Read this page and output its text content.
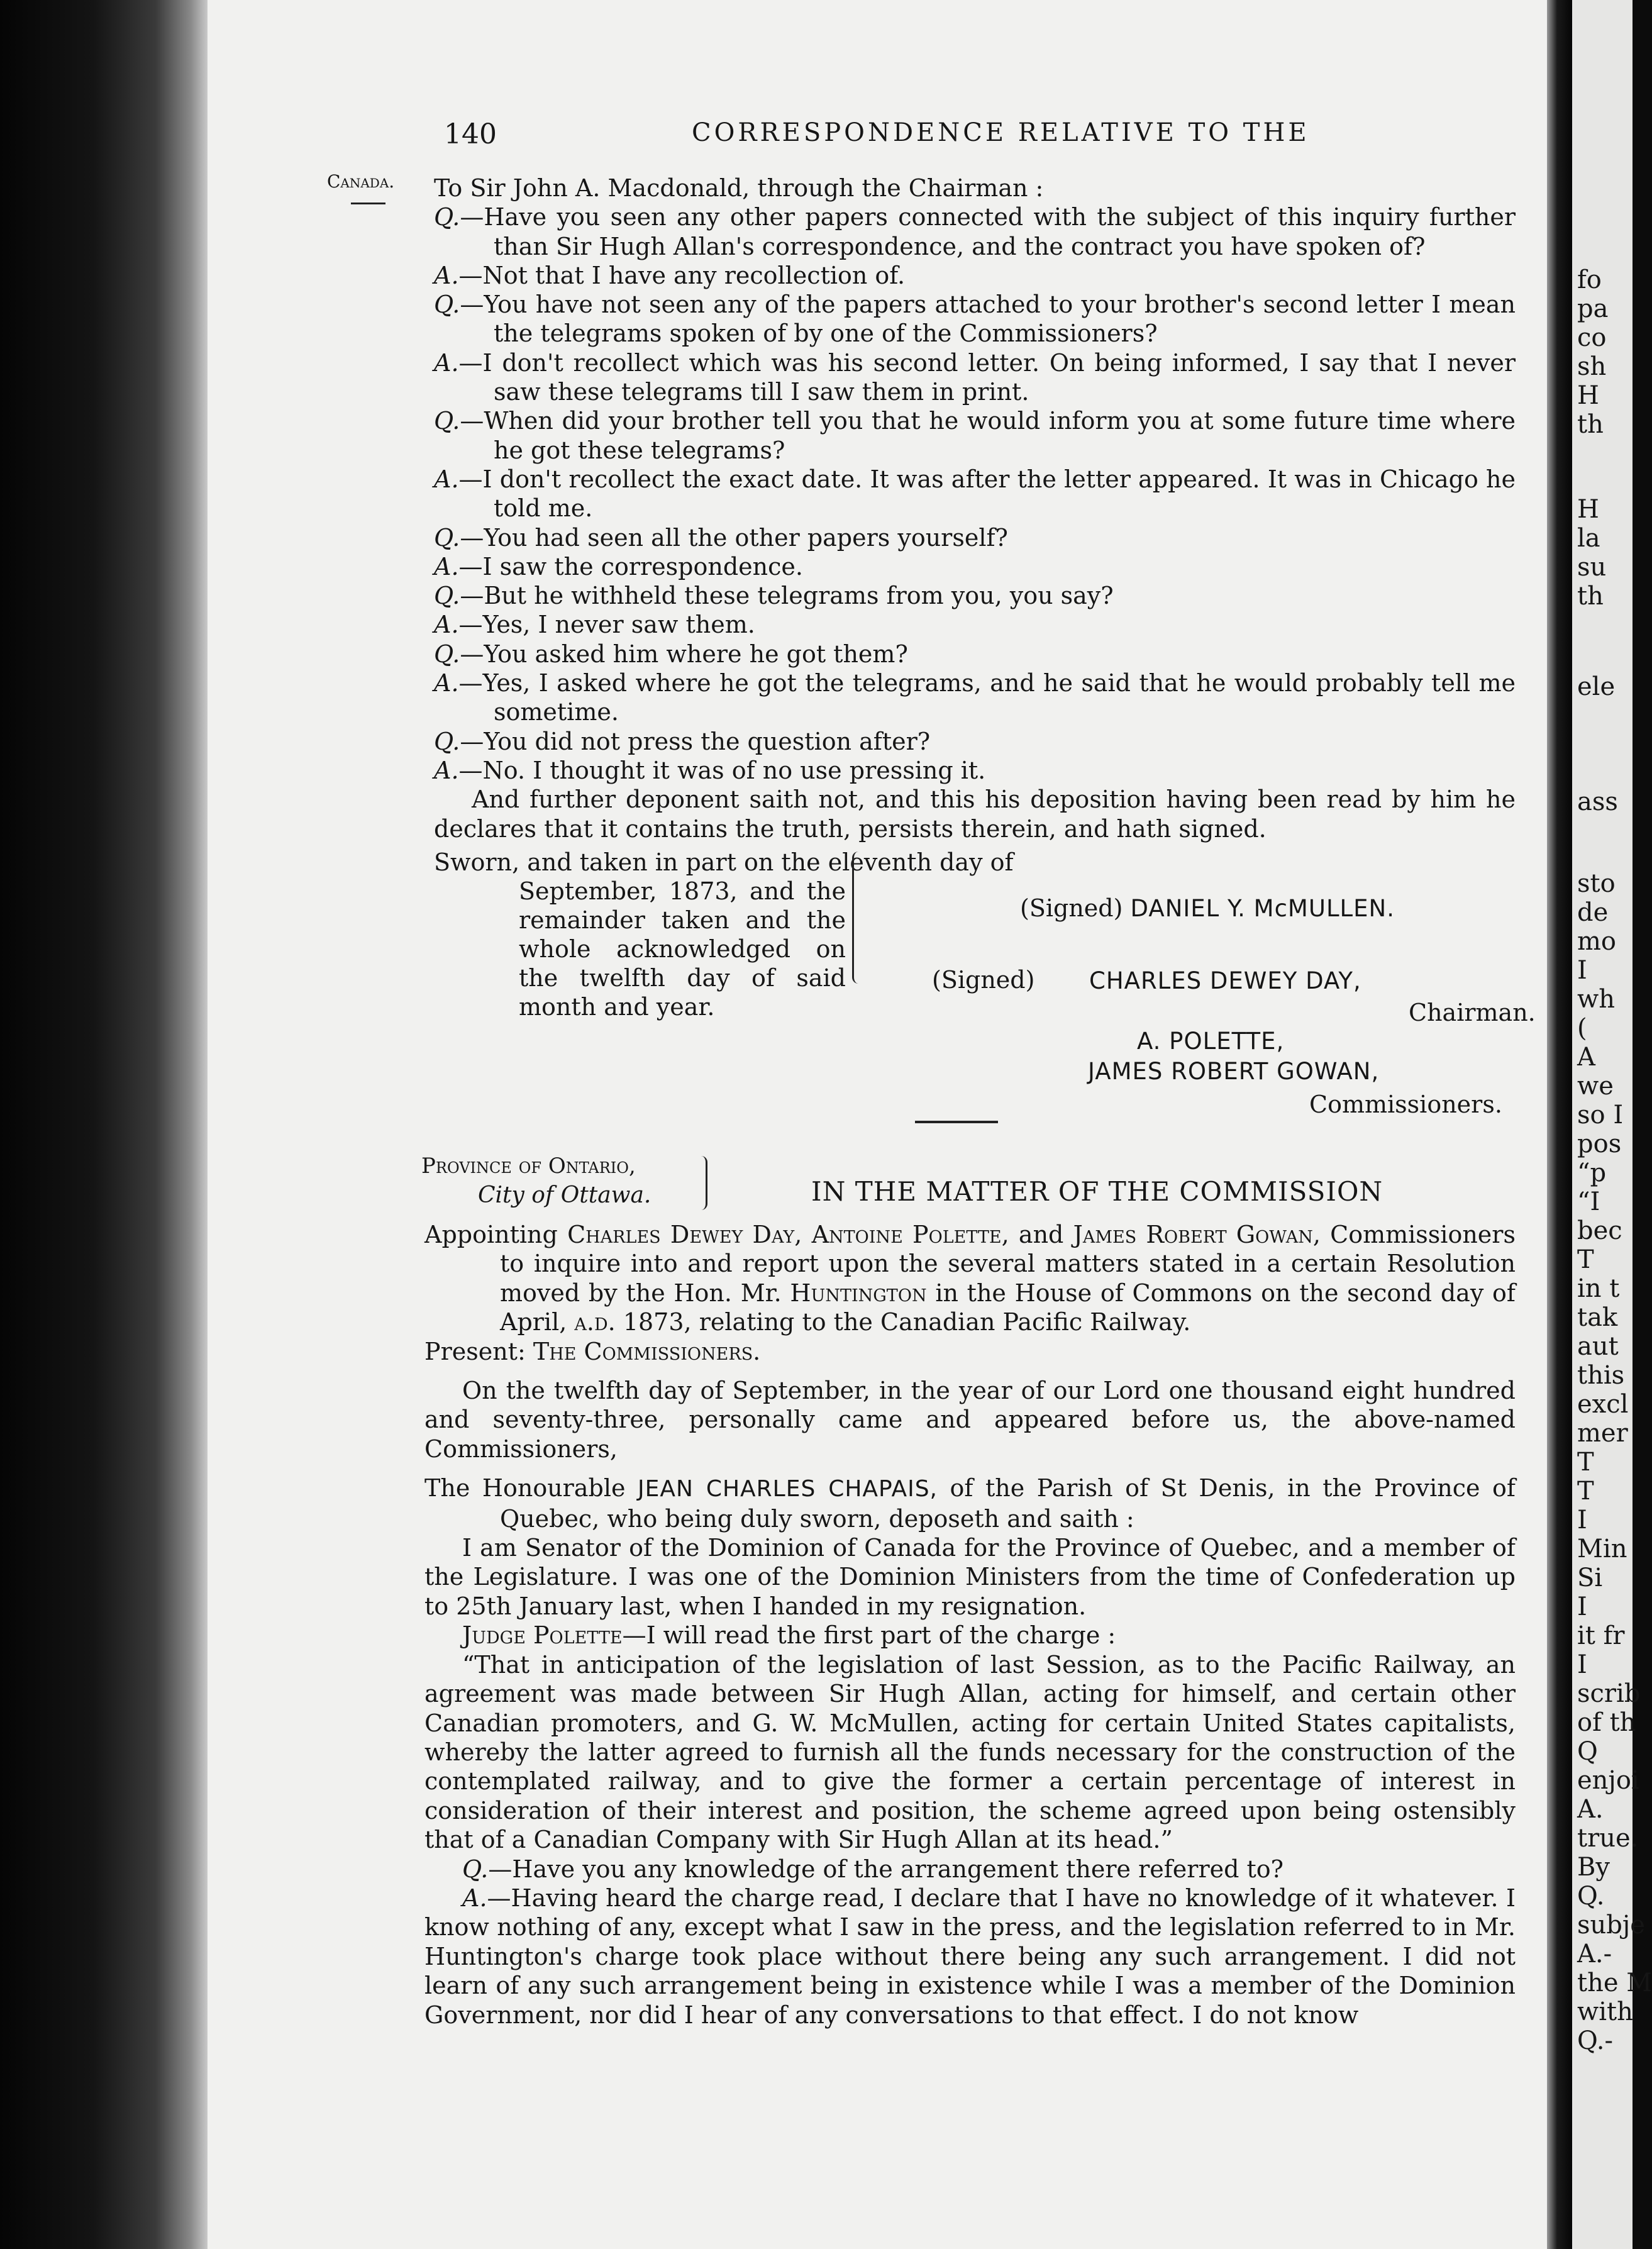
140	CORRESPONDENCE RELATIVE TO THE
Canada. To Sir John A. Macdonald, through the Chairman :

Q.—Have you seen any other papers connected with the subject of this inquiry further than Sir Hugh Allan's correspondence, and the contract you have spoken of?

A.—Not that I have any recollection of.

Q.—You have not seen any of the papers attached to your brother's second letter I mean the telegrams spoken of by one of the Commissioners?

A.—I don't recollect which was his second letter. On being informed, I say that I never saw these telegrams till I saw them in print.

Q.—When did your brother tell you that he would inform you at some future time where he got these telegrams?

A.—I don't recollect the exact date. It was after the letter appeared. It was in Chicago he told me.

Q.—You had seen all the other papers yourself?

A.—I saw the correspondence.

Q.—But he withheld these telegrams from you, you say?

A.—Yes, I never saw them.

Q.—You asked him where he got them?

A.—Yes, I asked where he got the telegrams, and he said that he would probably tell me sometime.

Q.—You did not press the question after?

A.—No. I thought it was of no use pressing it.

And further deponent saith not, and this his deposition having been read by him he declares that it contains the truth, persists therein, and hath signed.

Sworn, and taken in part on the eleventh day of
September, 1873, and the remainder taken and the whole acknowledged on the twelfth day of said month and year.
(Signed) DANIEL Y. McMULLEN.
(Signed) CHARLES DEWEY DAY,
Chairman.
A. POLETTE,
JAMES ROBERT GOWAN,
Commissioners.
Province of Ontario,
City of Ottawa.	IN THE MATTER OF THE COMMISSION

Appointing Charles Dewey Day, Antoine Polette, and James Robert Gowan, Commissioners to inquire into and report upon the several matters stated in a certain Resolution moved by the Hon. Mr. Huntington in the House of Commons on the second day of April, a.d. 1873, relating to the Canadian Pacific Railway.

Present: The Commissioners.

On the twelfth day of September, in the year of our Lord one thousand eight hundred and seventy-three, personally came and appeared before us, the above-named Commissioners,

The Honourable JEAN CHARLES CHAPAIS, of the Parish of St Denis, in the Province of Quebec, who being duly sworn, deposeth and saith :

I am Senator of the Dominion of Canada for the Province of Quebec, and a member of the Legislature. I was one of the Dominion Ministers from the time of Confederation up to 25th January last, when I handed in my resignation.

Judge Polette—I will read the first part of the charge :

“That in anticipation of the legislation of last Session, as to the Pacific Railway, an agreement was made between Sir Hugh Allan, acting for himself, and certain other Canadian promoters, and G. W. McMullen, acting for certain United States capitalists, whereby the latter agreed to furnish all the funds necessary for the construction of the contemplated railway, and to give the former a certain percentage of interest in consideration of their interest and position, the scheme agreed upon being ostensibly that of a Canadian Company with Sir Hugh Allan at its head.”

Q.—Have you any knowledge of the arrangement there referred to?

A.—Having heard the charge read, I declare that I have no knowledge of it whatever. I know nothing of any, except what I saw in the press, and the legislation referred to in Mr. Huntington's charge took place without there being any such arrangement. I did not learn of any such arrangement being in existence while I was a member of the Dominion Government, nor did I hear of any conversations to that effect. I do not know

fo
pa
co
sh
H
th
H
la
su
th
ele
ass
sto
de
mo
I
wh
(
A
we
so I
pos
“p
“I
bec
T
in t
tak
aut
this
excl
mer
T
T
I
Min
Si
I
it fr
I
scrib
of th
Q
enjoi
A.
true.
By
Q.
subje
A.-
the M
with
Q.-
